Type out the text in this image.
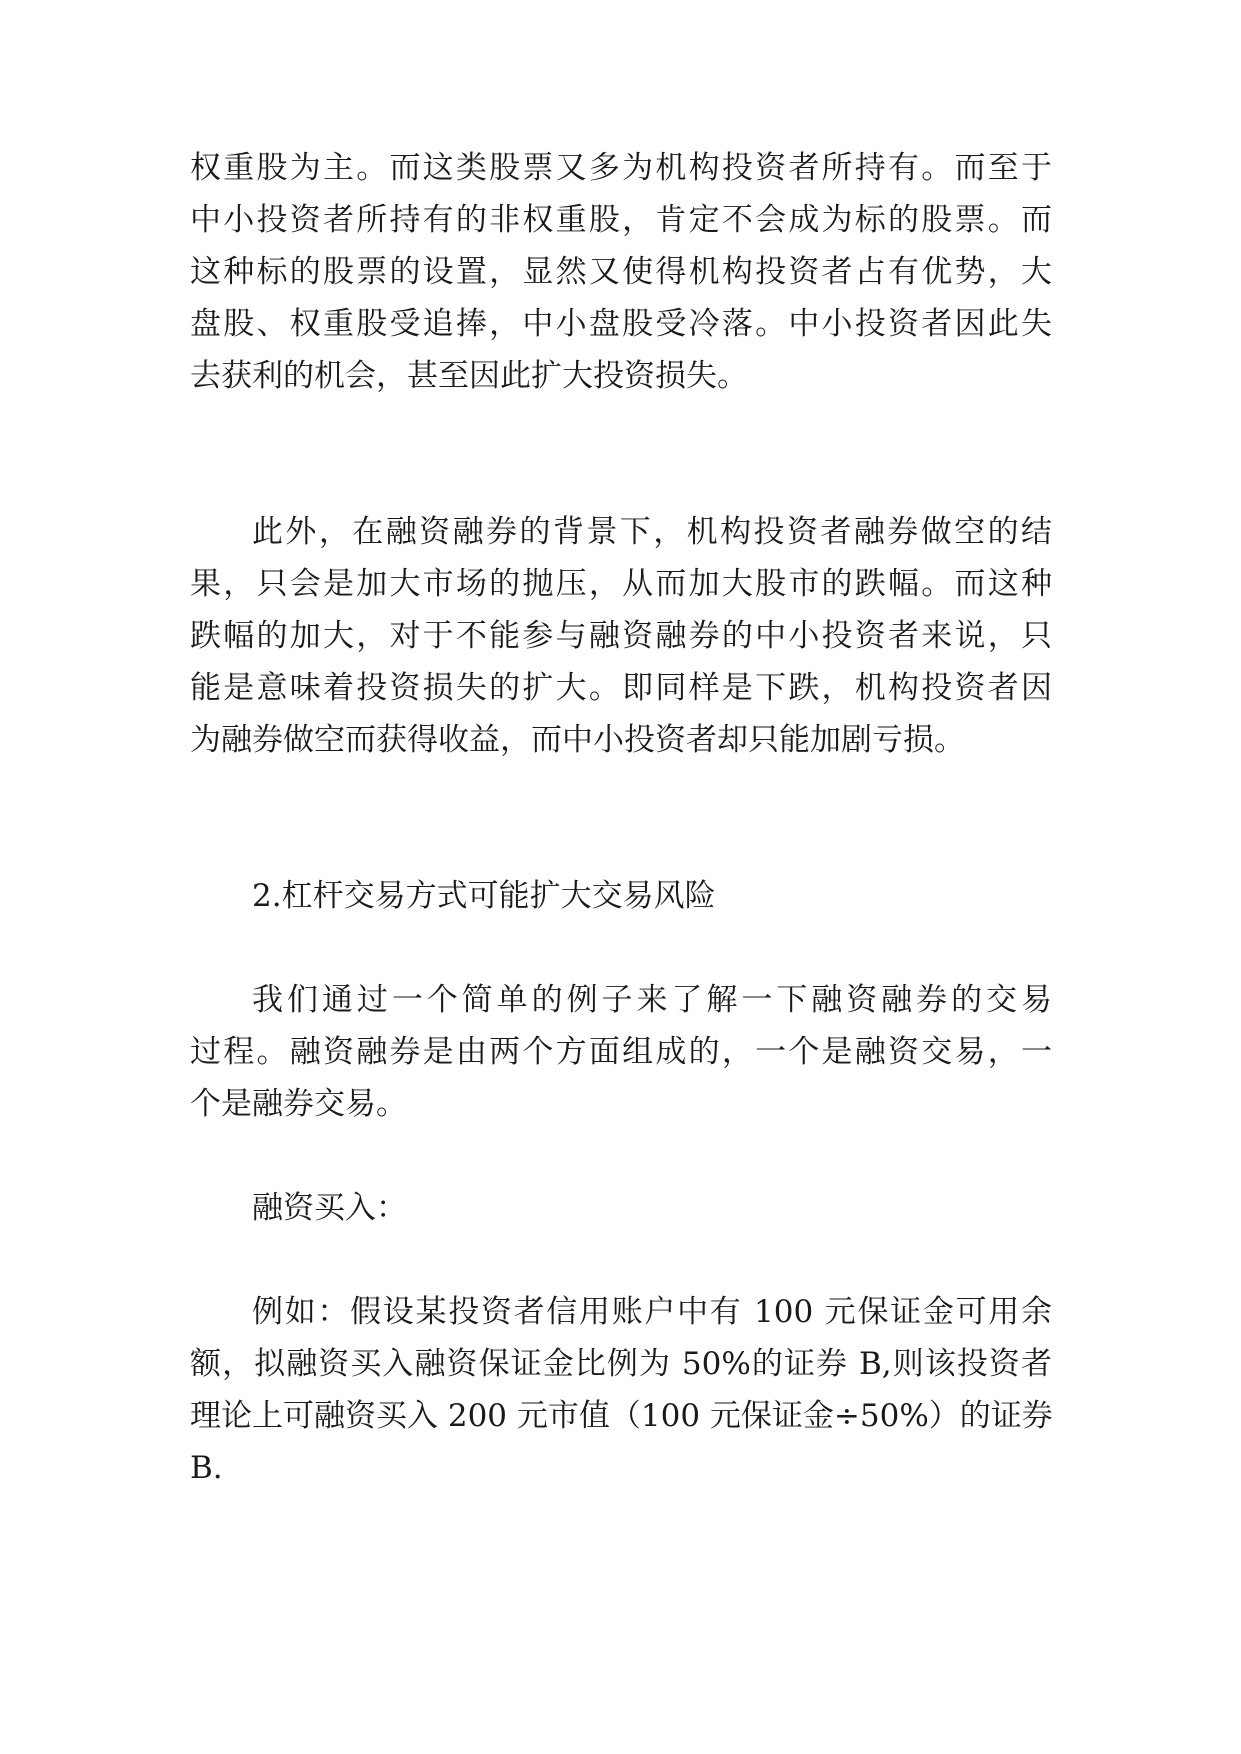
权重股为主。而这类股票又多为机构投资者所持有。而至于

中小投资者所持有的非权重股，肯定不会成为标的股票。而

这种标的股票的设置，显然又使得机构投资者占有优势，大

盘股、权重股受追捧，中小盘股受冷落。中小投资者因此失

去获利的机会，甚至因此扩大投资损失。

此外，在融资融券的背景下，机构投资者融券做空的结

果，只会是加大市场的抛压，从而加大股市的跌幅。而这种

跌幅的加大，对于不能参与融资融券的中小投资者来说，只

能是意味着投资损失的扩大。即同样是下跌，机构投资者因

为融券做空而获得收益，而中小投资者却只能加剧亏损。

2.杠杆交易方式可能扩大交易风险

我们通过一个简单的例子来了解一下融资融券的交易

过程。融资融券是由两个方面组成的，一个是融资交易，一

个是融券交易。

融资买入：

例如：假设某投资者信用账户中有 100 元保证金可用余

额，拟融资买入融资保证金比例为 50%的证券 B,则该投资者

理论上可融资买入 200 元市值（100 元保证金÷50%）的证券

B.
